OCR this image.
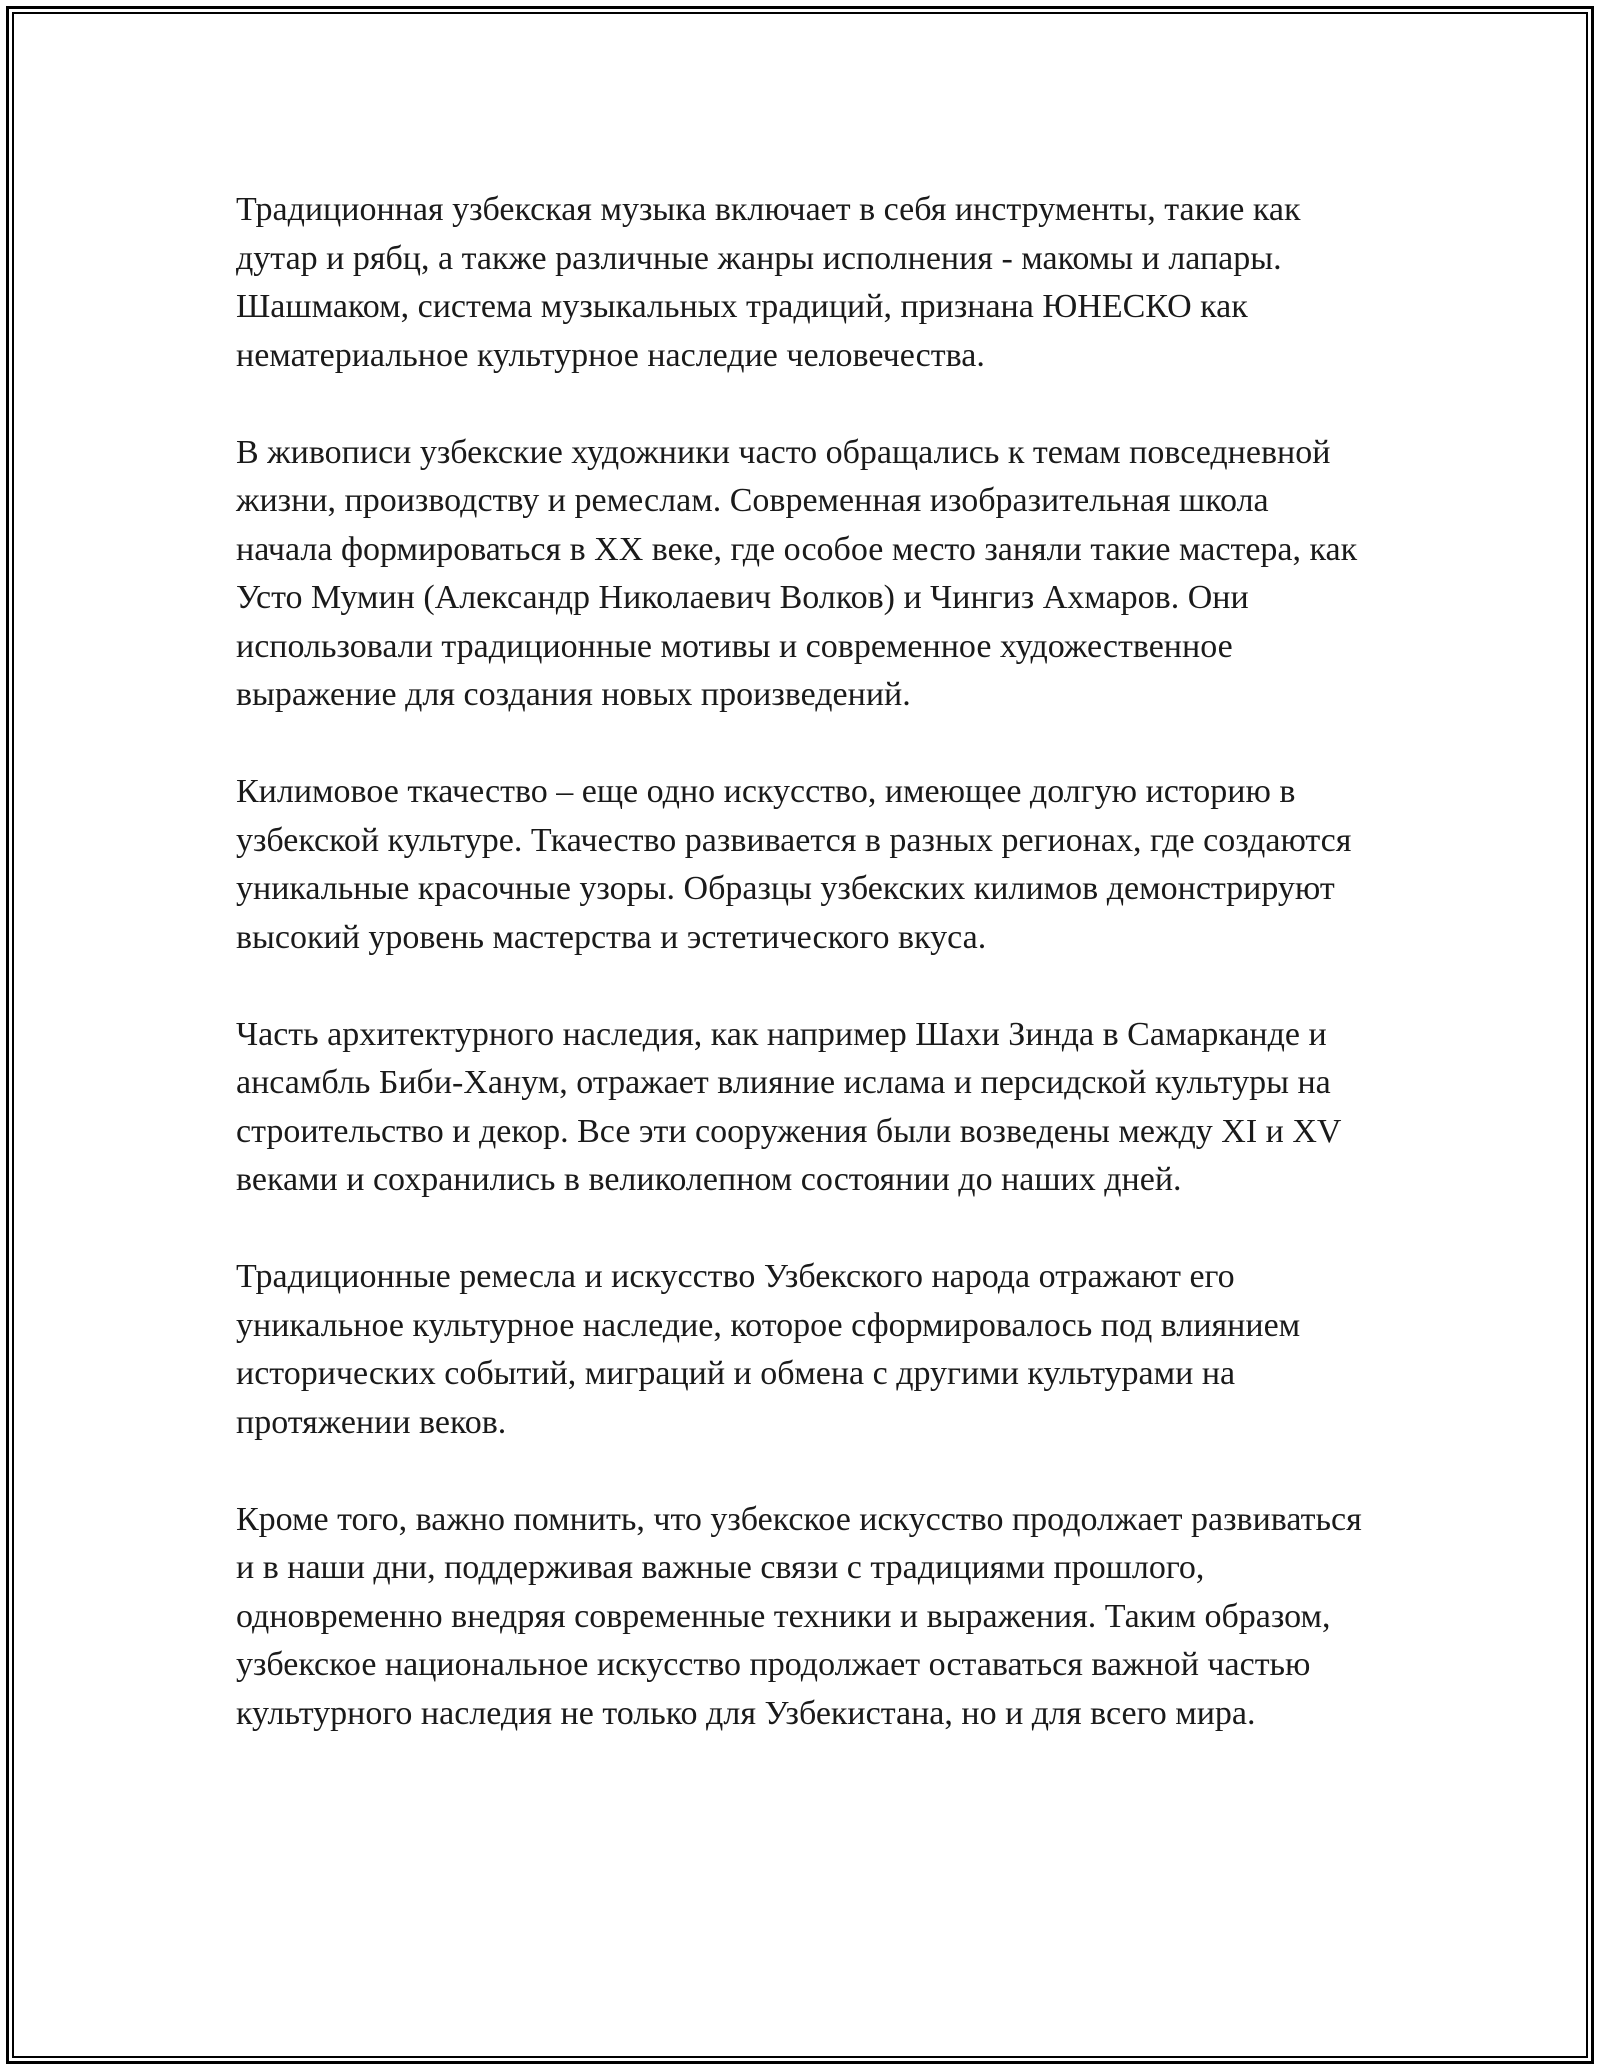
Традиционная узбекская музыка включает в себя инструменты, такие как дутар и рябц, а также различные жанры исполнения - макомы и лапары. Шашмаком, система музыкальных традиций, признана ЮНЕСКО как нематериальное культурное наследие человечества.

В живописи узбекские художники часто обращались к темам повседневной жизни, производству и ремеслам. Современная изобразительная школа начала формироваться в XX веке, где особое место заняли такие мастера, как Усто Мумин (Александр Николаевич Волков) и Чингиз Ахмаров. Они использовали традиционные мотивы и современное художественное выражение для создания новых произведений.

Килимовое ткачество – еще одно искусство, имеющее долгую историю в узбекской культуре. Ткачество развивается в разных регионах, где создаются уникальные красочные узоры. Образцы узбекских килимов демонстрируют высокий уровень мастерства и эстетического вкуса.

Часть архитектурного наследия, как например Шахи Зинда в Самарканде и ансамбль Биби-Ханум, отражает влияние ислама и персидской культуры на строительство и декор. Все эти сооружения были возведены между XI и XV веками и сохранились в великолепном состоянии до наших дней.

Традиционные ремесла и искусство Узбекского народа отражают его уникальное культурное наследие, которое сформировалось под влиянием исторических событий, миграций и обмена с другими культурами на протяжении веков.

Кроме того, важно помнить, что узбекское искусство продолжает развиваться и в наши дни, поддерживая важные связи с традициями прошлого, одновременно внедряя современные техники и выражения. Таким образом, узбекское национальное искусство продолжает оставаться важной частью культурного наследия не только для Узбекистана, но и для всего мира.
